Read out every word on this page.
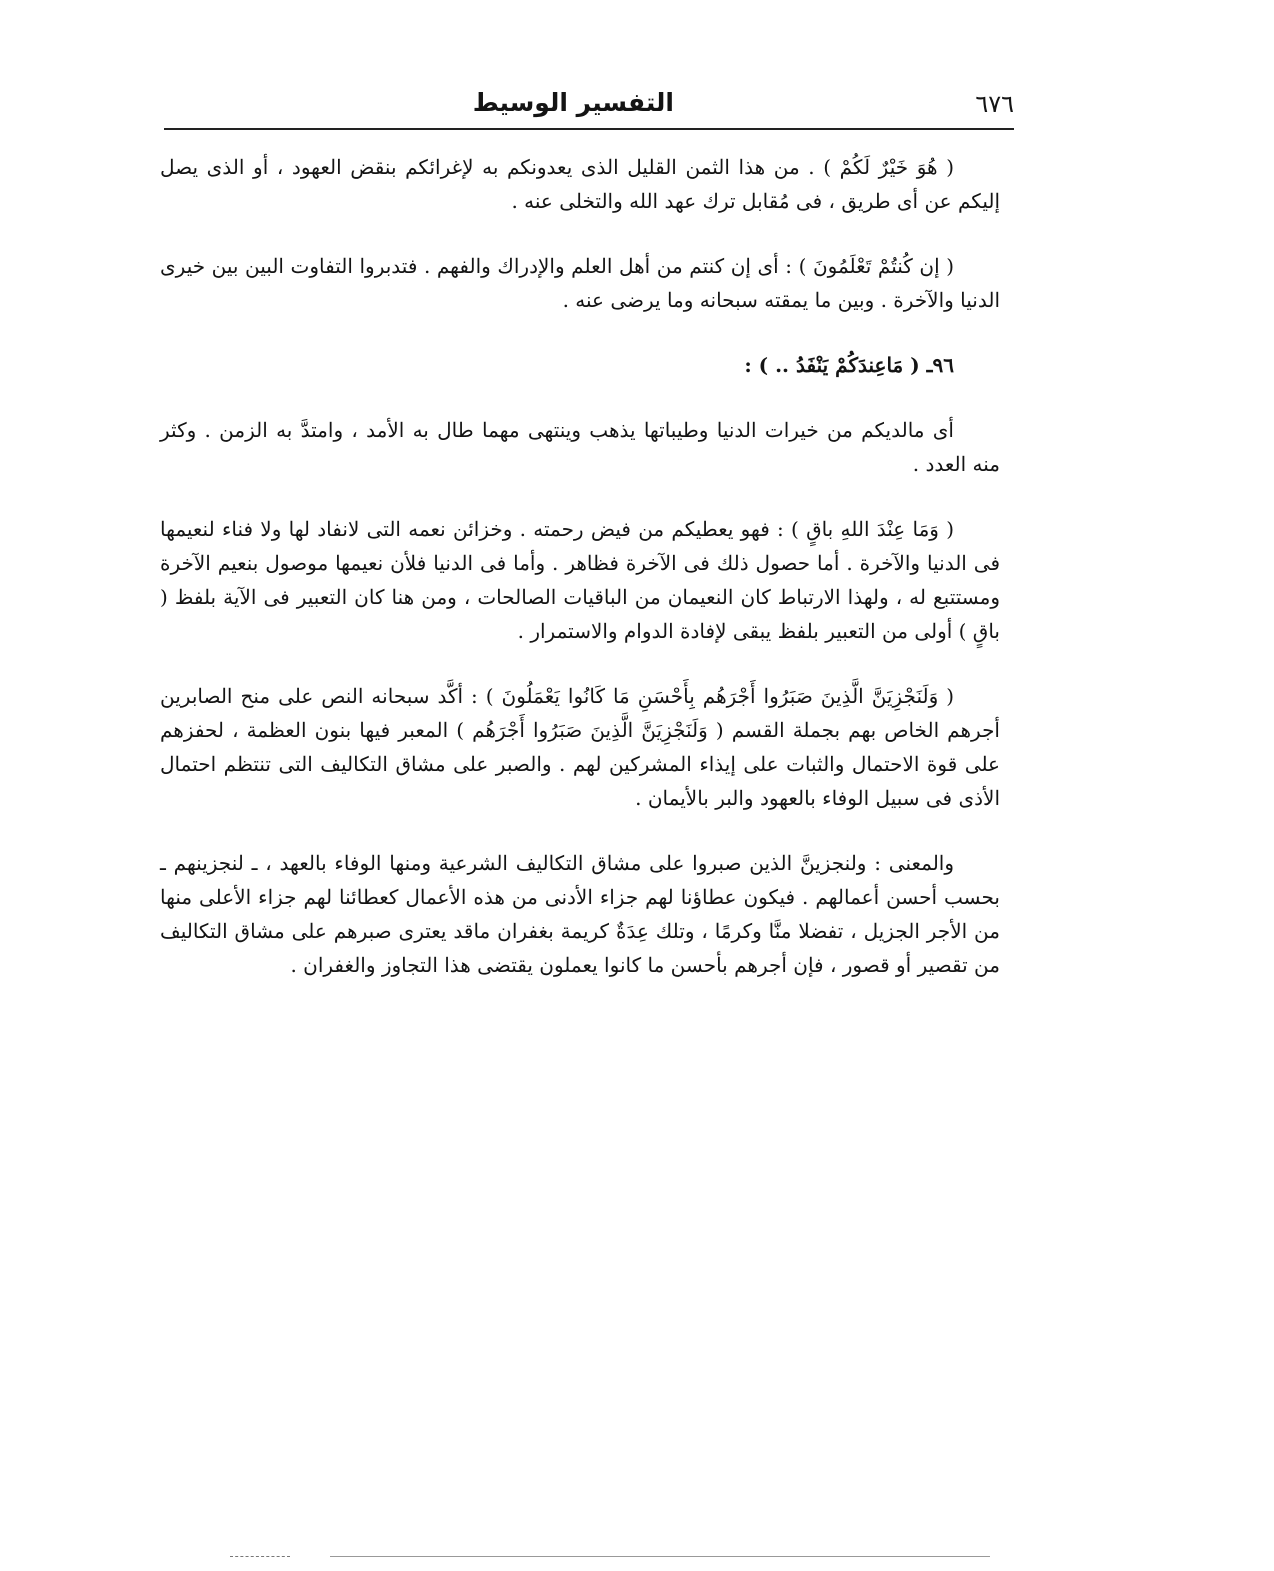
التفسير الوسيط	٦٧٦

( هُوَ خَيْرٌ لَكُمْ ) . من هذا الثمن القليل الذى يعدونكم به لإغرائكم بنقض العهود ، أو الذى يصل إليكم عن أى طريق ، فى مُقابل ترك عهد الله والتخلى عنه .

( إن كُنتُمْ تَعْلَمُونَ ) : أى إن كنتم من أهل العلم والإدراك والفهم . فتدبروا التفاوت البين بين خيرى الدنيا والآخرة . وبين ما يمقته سبحانه وما يرضى عنه .

٩٦ـ ( مَاعِندَكُمْ يَنْفَدُ .. ) :

أى مالديكم من خيرات الدنيا وطيباتها يذهب وينتهى مهما طال به الأمد ، وامتدَّ به الزمن . وكثر منه العدد .

( وَمَا عِنْدَ اللهِ باقٍ ) : فهو يعطيكم من فيض رحمته . وخزائن نعمه التى لانفاد لها ولا فناء لنعيمها فى الدنيا والآخرة . أما حصول ذلك فى الآخرة فظاهر . وأما فى الدنيا فلأن نعيمها موصول بنعيم الآخرة ومستتبع له ، ولهذا الارتباط كان النعيمان من الباقيات الصالحات ، ومن هنا كان التعبير فى الآية بلفظ ( باقٍ ) أولى من التعبير بلفظ يبقى لإفادة الدوام والاستمرار .

( وَلَنَجْزِيَنَّ الَّذِينَ صَبَرُوا أَجْرَهُم بِأَحْسَنِ مَا كَانُوا يَعْمَلُونَ ) : أكَّد سبحانه النص على منح الصابرين أجرهم الخاص بهم بجملة القسم ( وَلَنَجْزِيَنَّ الَّذِينَ صَبَرُوا أَجْرَهُم ) المعبر فيها بنون العظمة ، لحفزهم على قوة الاحتمال والثبات على إيذاء المشركين لهم . والصبر على مشاق التكاليف التى تنتظم احتمال الأذى فى سبيل الوفاء بالعهود والبر بالأيمان .

والمعنى : ولنجزينَّ الذين صبروا على مشاق التكاليف الشرعية ومنها الوفاء بالعهد ، ـ لنجزينهم ـ بحسب أحسن أعمالهم . فيكون عطاؤنا لهم جزاء الأدنى من هذه الأعمال كعطائنا لهم جزاء الأعلى منها من الأجر الجزيل ، تفضلا منَّا وكرمًا ، وتلك عِدَةٌ كريمة بغفران ماقد يعترى صبرهم على مشاق التكاليف من تقصير أو قصور ، فإن أجرهم بأحسن ما كانوا يعملون يقتضى هذا التجاوز والغفران .
